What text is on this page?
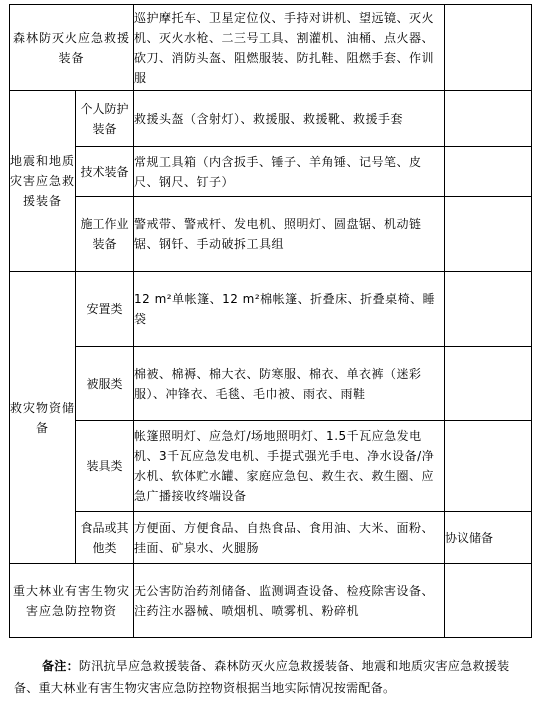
森林防灭火应急救援装备		巡护摩托车、卫星定位仪、手持对讲机、望远镜、灭火机、灭火水枪、二三号工具、割灌机、油桶、点火器、砍刀、消防头盔、阻燃服装、防扎鞋、阻燃手套、作训服	
地震和地质灾害应急救援装备	个人防护装备	救援头盔（含射灯）、救援服、救援靴、救援手套	
	技术装备	常规工具箱（内含扳手、锤子、羊角锤、记号笔、皮尺、钢尺、钉子）	
	施工作业装备	警戒带、警戒杆、发电机、照明灯、圆盘锯、机动链锯、钢钎、手动破拆工具组	
救灾物资储备	安置类	12 m²单帐篷、12 m²棉帐篷、折叠床、折叠桌椅、睡袋	
	被服类	棉被、棉褥、棉大衣、防寒服、棉衣、单衣裤（迷彩服）、冲锋衣、毛毯、毛巾被、雨衣、雨鞋	
	装具类	帐篷照明灯、应急灯/场地照明灯、1.5千瓦应急发电机、3千瓦应急发电机、手提式强光手电、净水设备/净水机、软体贮水罐、家庭应急包、救生衣、救生圈、应急广播接收终端设备	
	食品或其他类	方便面、方便食品、自热食品、食用油、大米、面粉、挂面、矿泉水、火腿肠	协议储备
重大林业有害生物灾害应急防控物资		无公害防治药剂储备、监测调查设备、检疫除害设备、注药注水器械、喷烟机、喷雾机、粉碎机	
备注：防汛抗旱应急救援装备、森林防灭火应急救援装备、地震和地质灾害应急救援装备、重大林业有害生物灾害应急防控物资根据当地实际情况按需配备。
